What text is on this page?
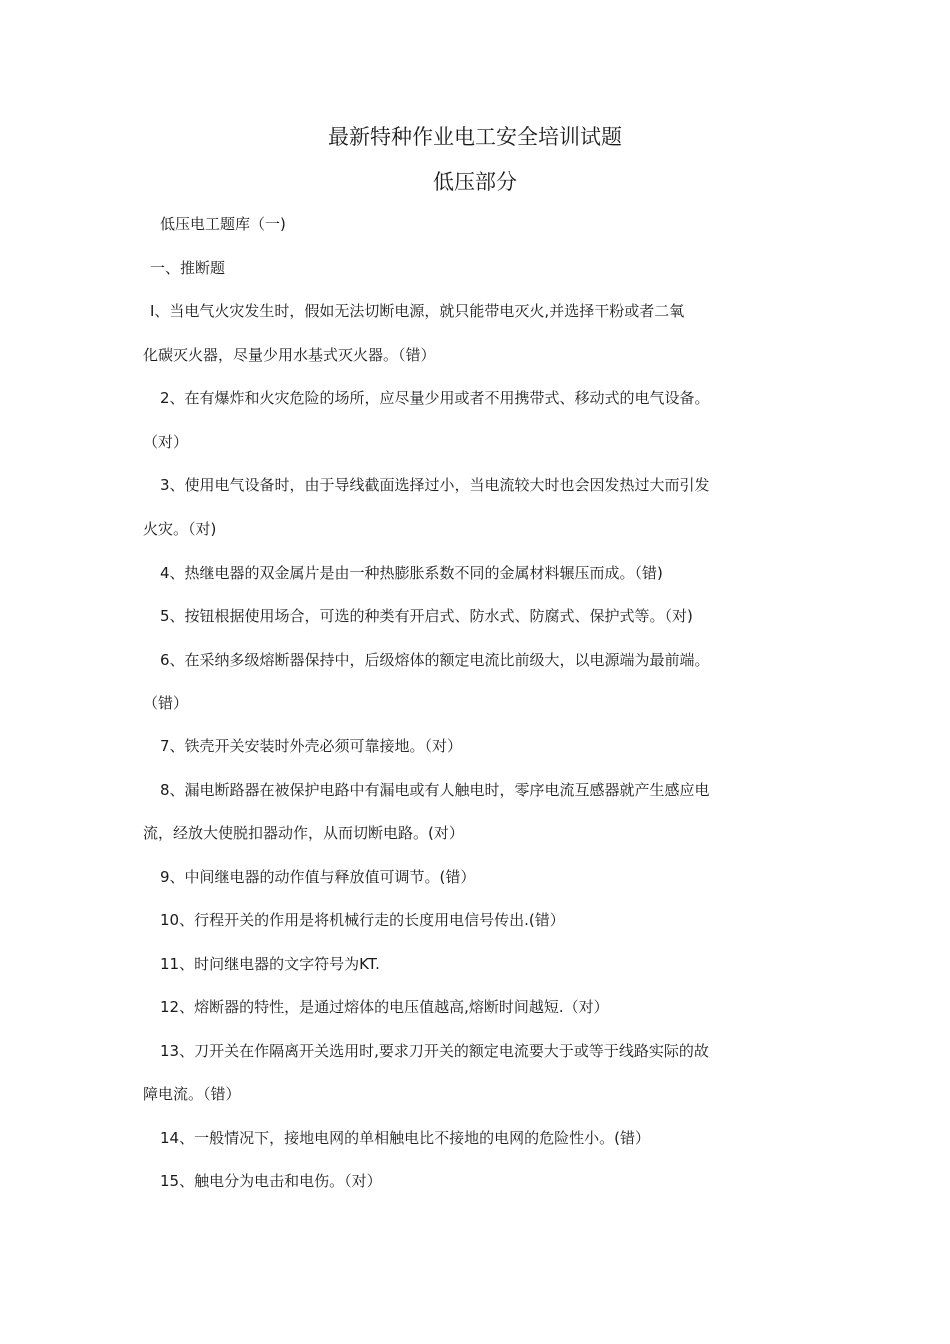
最新特种作业电工安全培训试题
低压部分
低压电工题库（一)
一、推断题
I、当电气火灾发生时，假如无法切断电源，就只能带电灭火,并选择干粉或者二氧
化碳灭火器，尽量少用水基式灭火器。（错）
2、在有爆炸和火灾危险的场所，应尽量少用或者不用携带式、移动式的电气设备。
（对）
3、使用电气设备时，由于导线截面选择过小，当电流较大时也会因发热过大而引发
火灾。（对)
4、热继电器的双金属片是由一种热膨胀系数不同的金属材料辗压而成。（错)
5、按钮根据使用场合，可选的种类有开启式、防水式、防腐式、保护式等。（对)
6、在采纳多级熔断器保持中，后级熔体的额定电流比前级大，以电源端为最前端。
（错）
7、铁壳开关安装时外壳必须可靠接地。（对）
8、漏电断路器在被保护电路中有漏电或有人触电时，零序电流互感器就产生感应电
流，经放大使脱扣器动作，从而切断电路。(对）
9、中间继电器的动作值与释放值可调节。(错）
10、行程开关的作用是将机械行走的长度用电信号传出.(错）
11、时问继电器的文字符号为KT.
12、熔断器的特性，是通过熔体的电压值越高,熔断时间越短.（对）
13、刀开关在作隔离开关选用时,要求刀开关的额定电流要大于或等于线路实际的故
障电流。（错）
14、一般情况下，接地电网的单相触电比不接地的电网的危险性小。(错）
15、触电分为电击和电伤。（对）
